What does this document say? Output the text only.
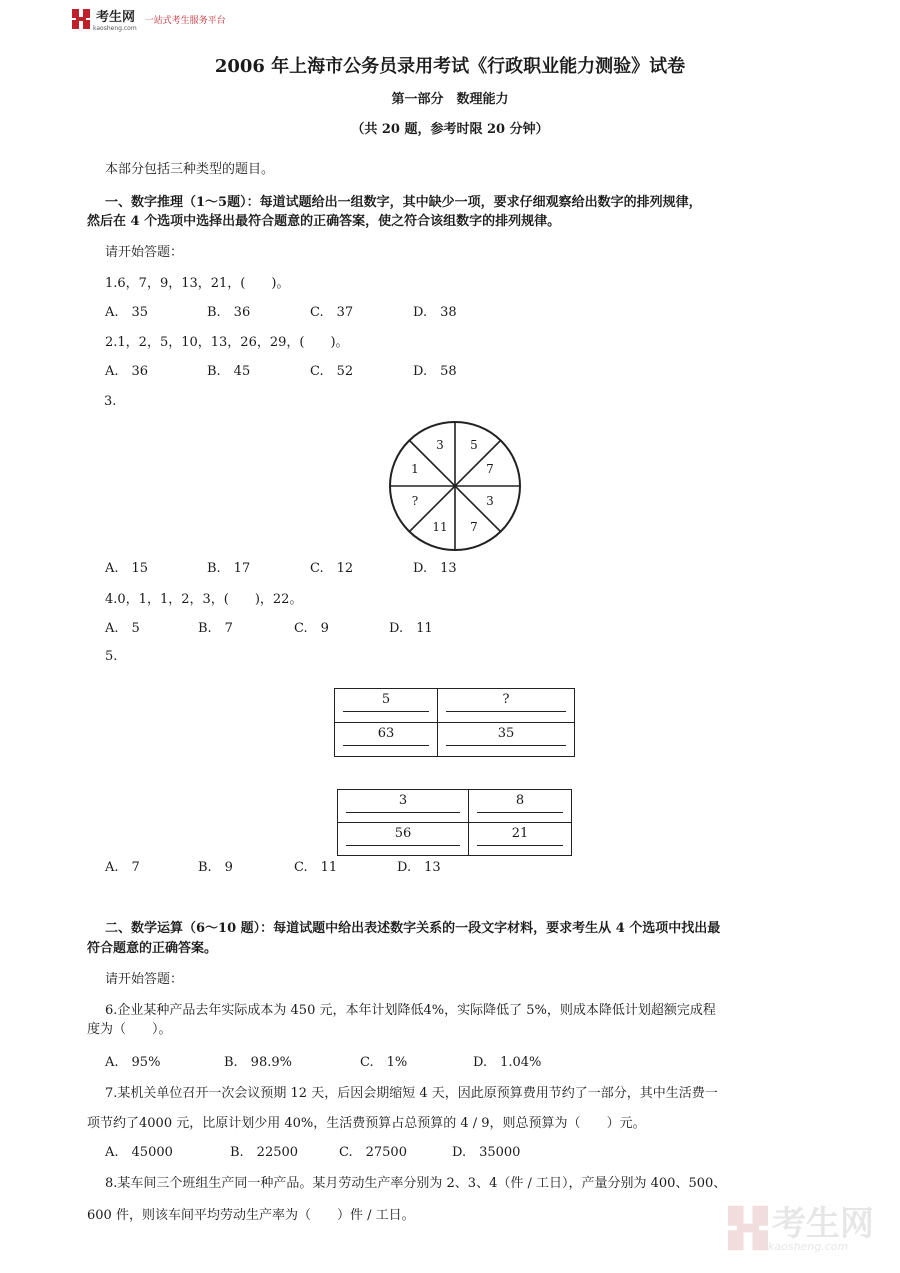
考生网
kaosheng.com
一站式考生服务平台
2006 年上海市公务员录用考试《行政职业能力测验》试卷
第一部分　数理能力
（共 20 题，参考时限 20 分钟）
本部分包括三种类型的题目。
一、数字推理（1～5题）：每道试题给出一组数字，其中缺少一项，要求仔细观察给出数字的排列规律，
然后在 4 个选项中选择出最符合题意的正确答案，使之符合该组数字的排列规律。
请开始答题：
1.6，7，9，13，21，(　　)。
A.　35	B.　36	C.　37	D.　38
2.1，2，5，10，13，26，29，(　　)。
A.　36	B.　45	C.　52	D.　58
3.
3 5
7
3
7
11
?
1
A.　15	B.　17	C.　12	D.　13
4.0，1，1，2，3，(　　)，22。
A.　5	B.　7	C.　9	D.　11
5.
5	?

63	35
3	8

56	21
A.　7	B.　9	C.　11	D.　13
二、数学运算（6～10 题）：每道试题中给出表述数字关系的一段文字材料，要求考生从 4 个选项中找出最
符合题意的正确答案。
请开始答题：
6.企业某种产品去年实际成本为 450 元，本年计划降低4%，实际降低了 5%，则成本降低计划超额完成程
度为（　　）。
A.　95%	B.　98.9%	C.　1%	D.　1.04%
7.某机关单位召开一次会议预期 12 天，后因会期缩短 4 天，因此原预算费用节约了一部分，其中生活费一
项节约了4000 元，比原计划少用 40%，生活费预算占总预算的 4 / 9，则总预算为（　　）元。
A.　45000	B.　22500	C.　27500	D.　35000
8.某车间三个班组生产同一种产品。某月劳动生产率分别为 2、3、4（件 / 工日），产量分别为 400、500、
600 件，则该车间平均劳动生产率为（　　）件 / 工日。	考生网
kaosheng.com
